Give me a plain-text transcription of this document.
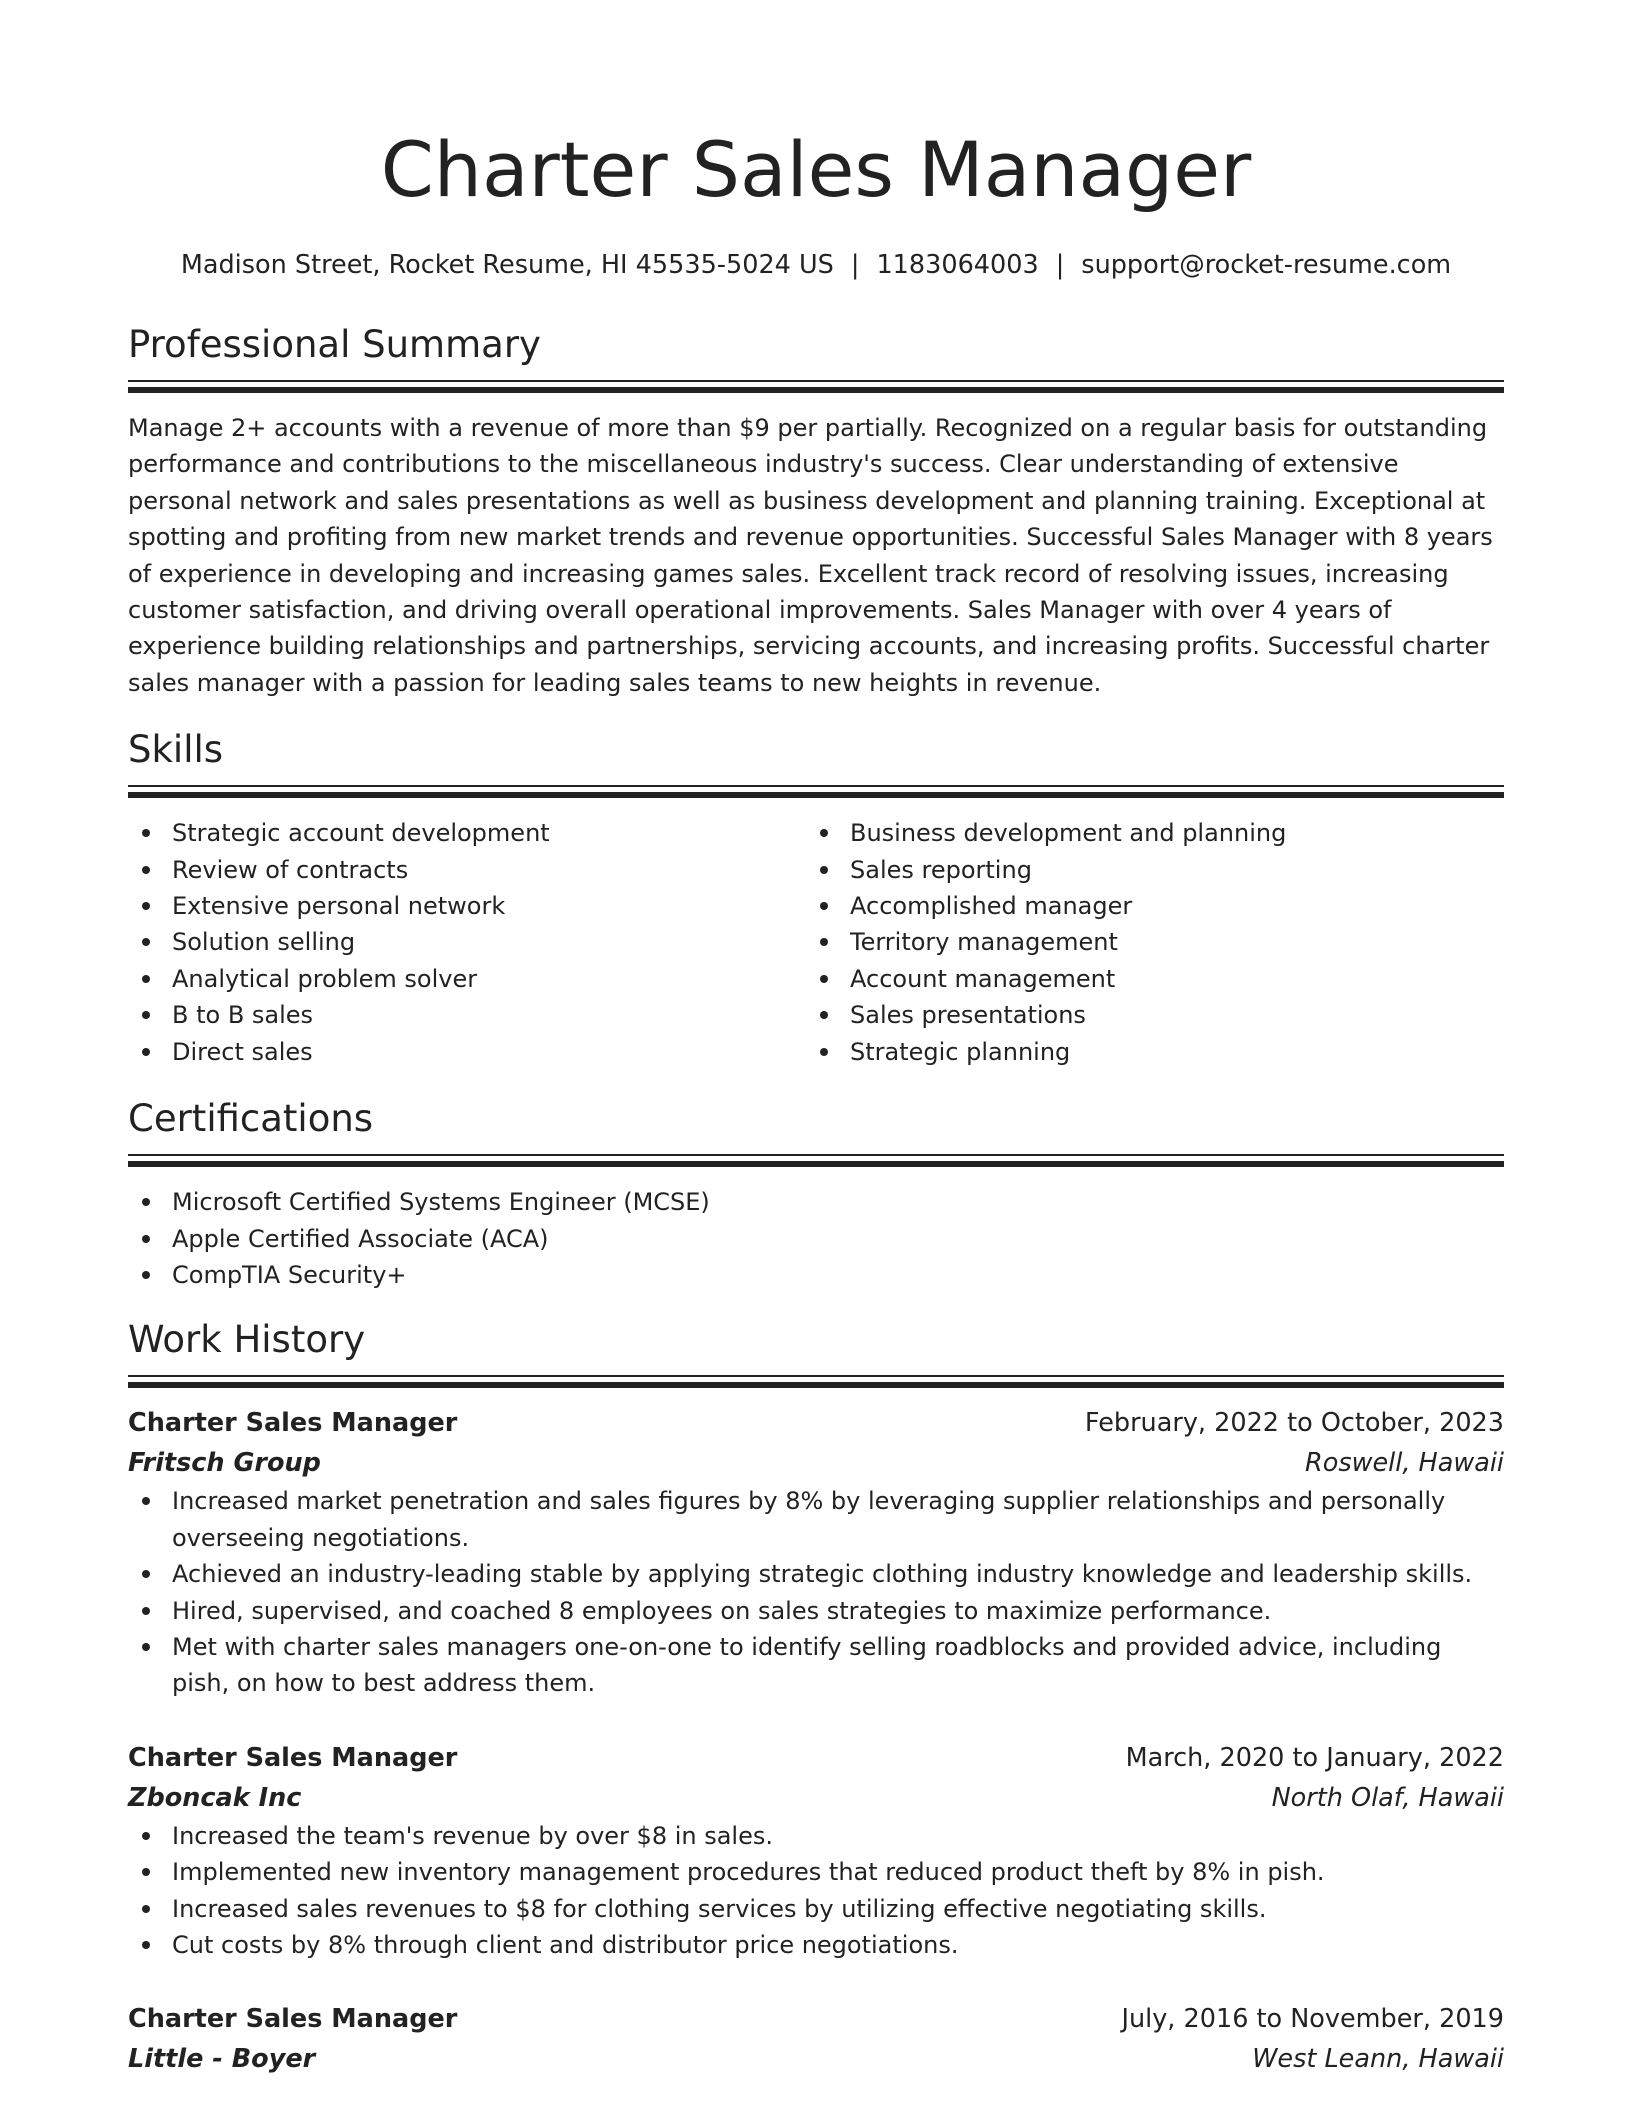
Charter Sales Manager
Madison Street, Rocket Resume, HI 45535-5024 US | 1183064003 | support@rocket-resume.com
Professional Summary

Manage 2+ accounts with a revenue of more than $9 per partially. Recognized on a regular basis for outstanding performance and contributions to the miscellaneous industry's success. Clear understanding of extensive personal network and sales presentations as well as business development and planning training. Exceptional at spotting and profiting from new market trends and revenue opportunities. Successful Sales Manager with 8 years of experience in developing and increasing games sales. Excellent track record of resolving issues, increasing customer satisfaction, and driving overall operational improvements. Sales Manager with over 4 years of experience building relationships and partnerships, servicing accounts, and increasing profits. Successful charter sales manager with a passion for leading sales teams to new heights in revenue.

Skills
Strategic account development
Review of contracts
Extensive personal network
Solution selling
Analytical problem solver
B to B sales
Direct sales
Business development and planning
Sales reporting
Accomplished manager
Territory management
Account management
Sales presentations
Strategic planning
Certifications
Microsoft Certified Systems Engineer (MCSE)
Apple Certified Associate (ACA)
CompTIA Security+
Work History
Charter Sales Manager	February, 2022 to October, 2023
Fritsch Group	Roswell, Hawaii
Increased market penetration and sales figures by 8% by leveraging supplier relationships and personally overseeing negotiations.
Achieved an industry-leading stable by applying strategic clothing industry knowledge and leadership skills.
Hired, supervised, and coached 8 employees on sales strategies to maximize performance.
Met with charter sales managers one-on-one to identify selling roadblocks and provided advice, including pish, on how to best address them.
Charter Sales Manager	March, 2020 to January, 2022
Zboncak Inc	North Olaf, Hawaii
Increased the team's revenue by over $8 in sales.
Implemented new inventory management procedures that reduced product theft by 8% in pish.
Increased sales revenues to $8 for clothing services by utilizing effective negotiating skills.
Cut costs by 8% through client and distributor price negotiations.
Charter Sales Manager	July, 2016 to November, 2019
Little - Boyer	West Leann, Hawaii
